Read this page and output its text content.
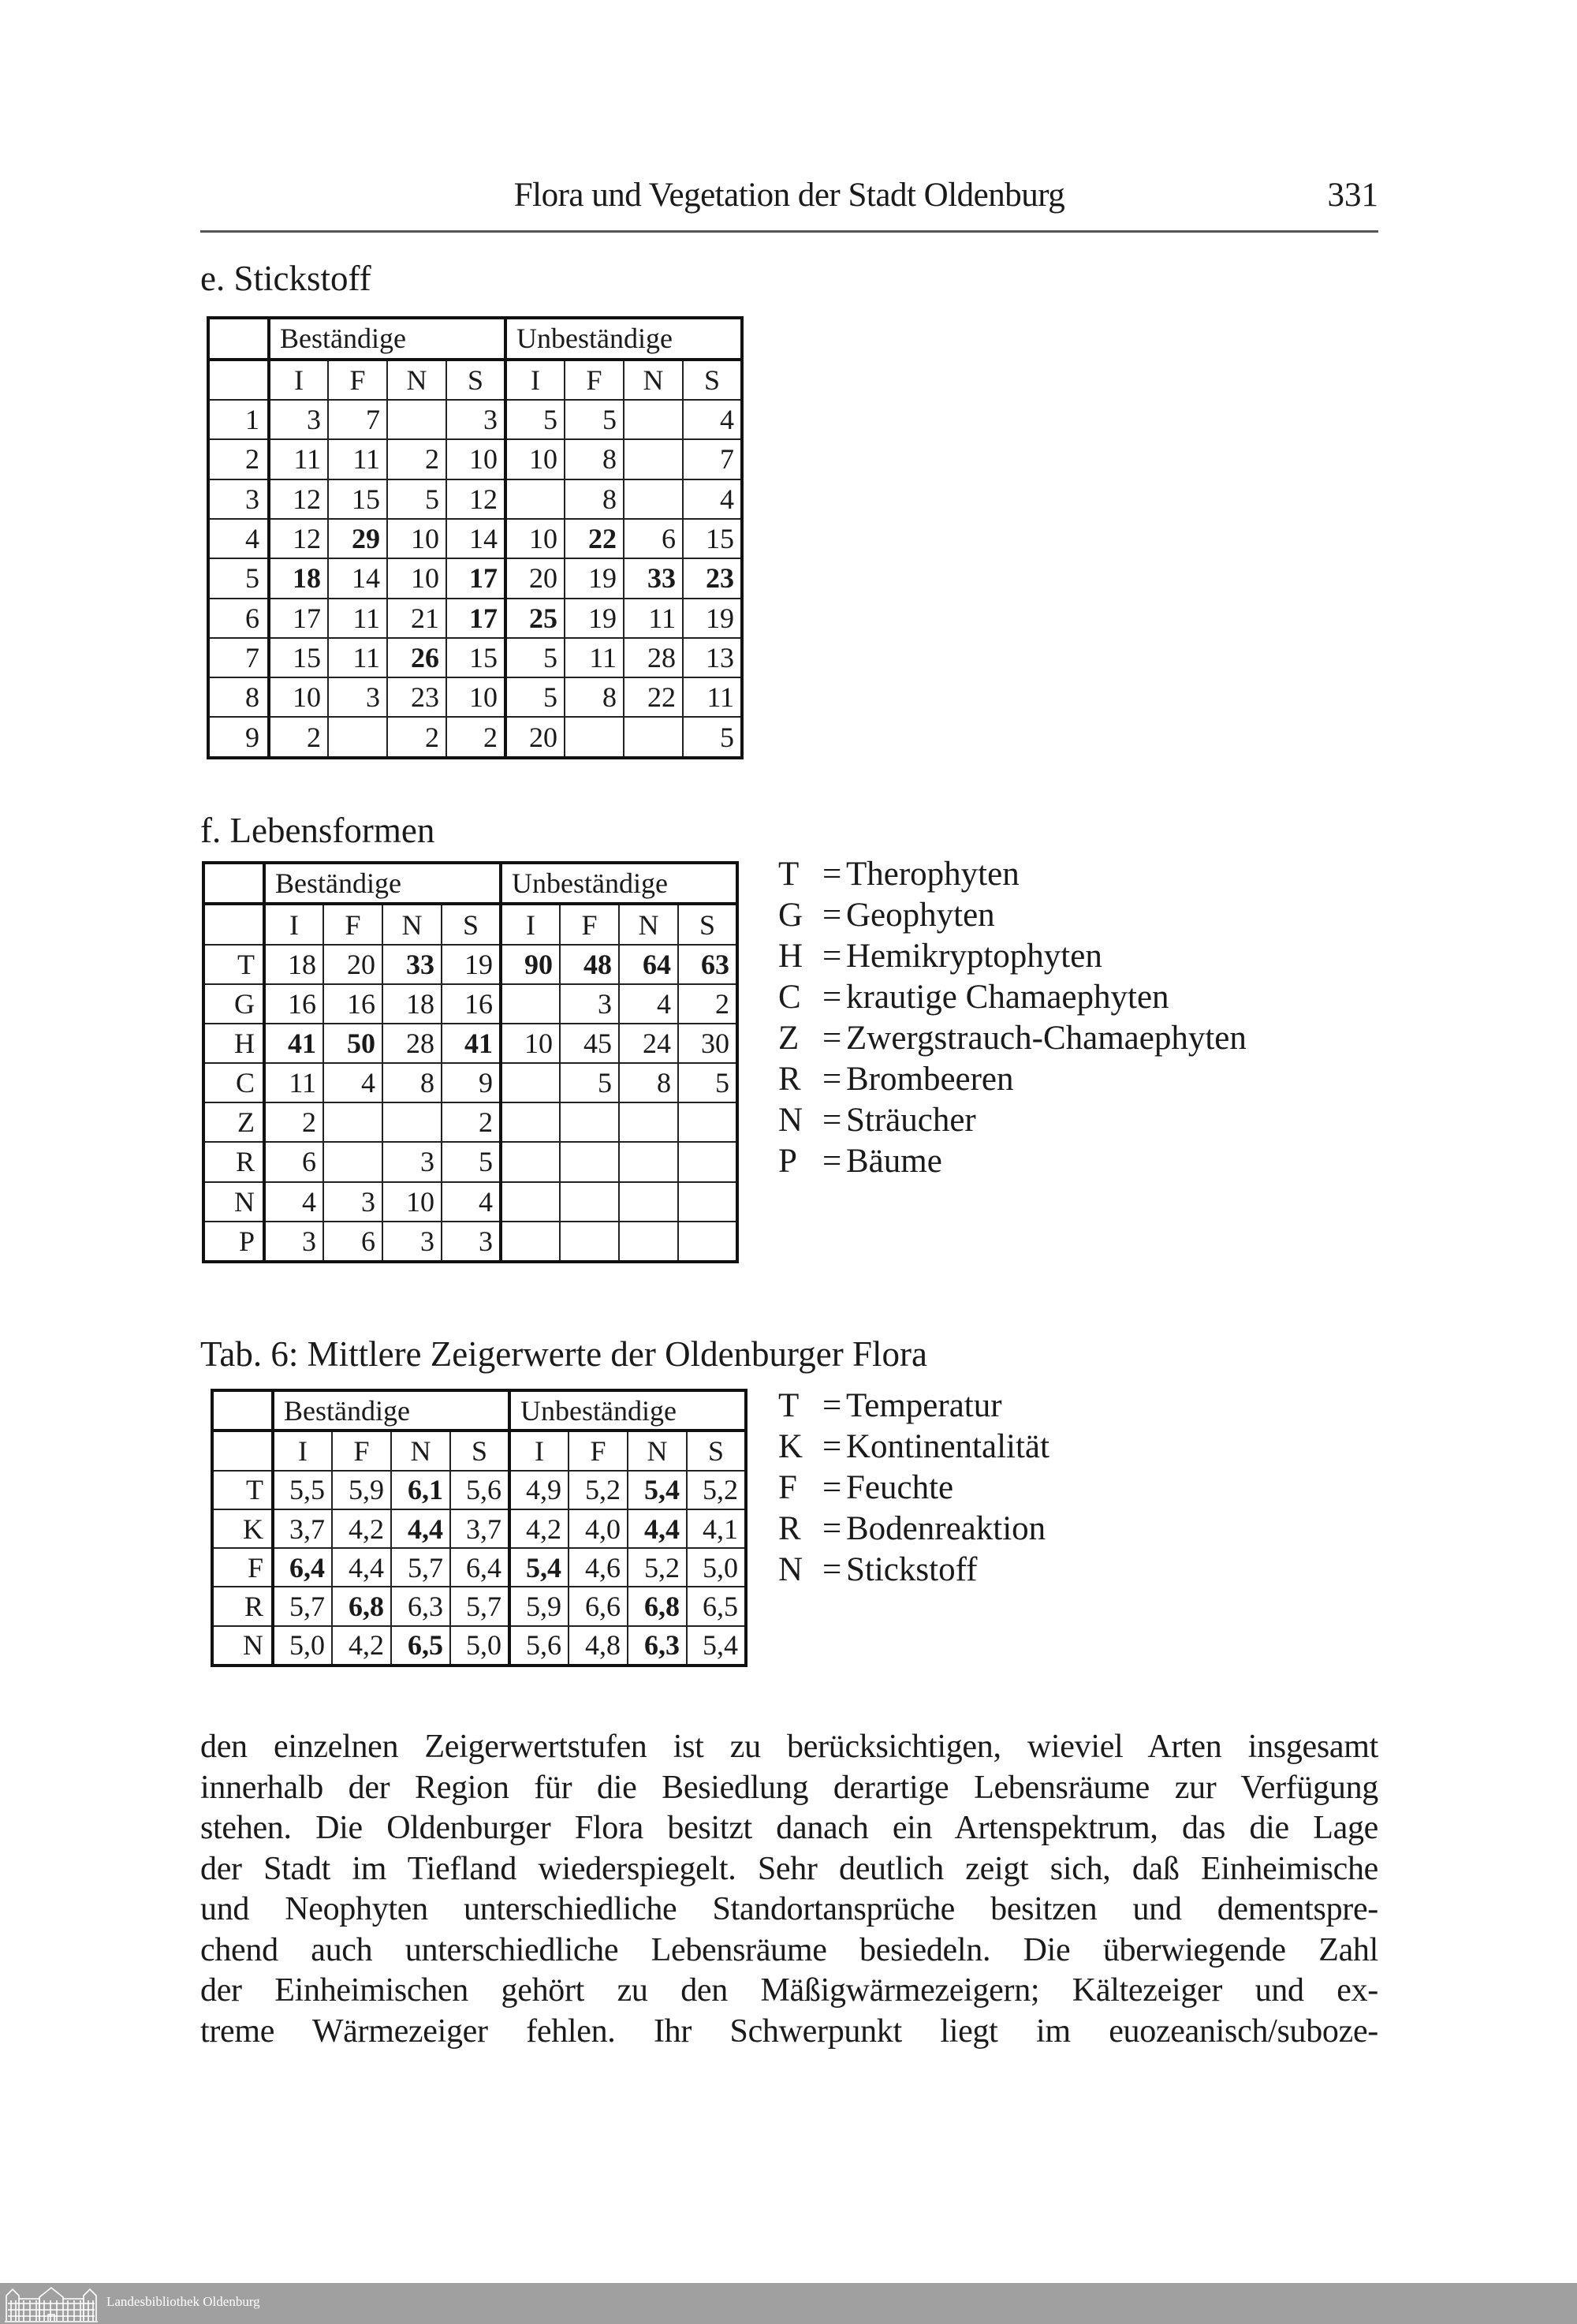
Flora und Vegetation der Stadt Oldenburg	331
e. Stickstoff
	Beständige				Unbeständige			
	I	F	N	S	I	F	N	S
1	3	7		3	5	5		4
2	11	11	2	10	10	8		7
3	12	15	5	12		8		4
4	12	29	10	14	10	22	6	15
5	18	14	10	17	20	19	33	23
6	17	11	21	17	25	19	11	19
7	15	11	26	15	5	11	28	13
8	10	3	23	10	5	8	22	11
9	2		2	2	20			5
f. Lebensformen
	Beständige				Unbeständige			
	I	F	N	S	I	F	N	S
T	18	20	33	19	90	48	64	63
G	16	16	18	16		3	4	2
H	41	50	28	41	10	45	24	30
C	11	4	8	9		5	8	5
Z	2			2				
R	6		3	5				
N	4	3	10	4				
P	3	6	3	3				
T = Therophyten
G = Geophyten
H = Hemikryptophyten
C = krautige Chamaephyten
Z = Zwergstrauch-Chamaephyten
R = Brombeeren
N = Sträucher
P = Bäume
Tab. 6: Mittlere Zeigerwerte der Oldenburger Flora
	Beständige				Unbeständige			
	I	F	N	S	I	F	N	S
T	5,5	5,9	6,1	5,6	4,9	5,2	5,4	5,2
K	3,7	4,2	4,4	3,7	4,2	4,0	4,4	4,1
F	6,4	4,4	5,7	6,4	5,4	4,6	5,2	5,0
R	5,7	6,8	6,3	5,7	5,9	6,6	6,8	6,5
N	5,0	4,2	6,5	5,0	5,6	4,8	6,3	5,4
T = Temperatur
K = Kontinentalität
F = Feuchte
R = Bodenreaktion
N = Stickstoff
den einzelnen Zeigerwertstufen ist zu berücksichtigen, wieviel Arten insgesamt
innerhalb der Region für die Besiedlung derartige Lebensräume zur Verfügung
stehen. Die Oldenburger Flora besitzt danach ein Artenspektrum, das die Lage
der Stadt im Tiefland wiederspiegelt. Sehr deutlich zeigt sich, daß Einheimische
und Neophyten unterschiedliche Standortansprüche besitzen und dementspre-
chend auch unterschiedliche Lebensräume besiedeln. Die überwiegende Zahl
der Einheimischen gehört zu den Mäßigwärmezeigern; Kältezeiger und ex-
treme Wärmezeiger fehlen. Ihr Schwerpunkt liegt im euozeanisch/suboze-
Landesbibliothek Oldenburg
